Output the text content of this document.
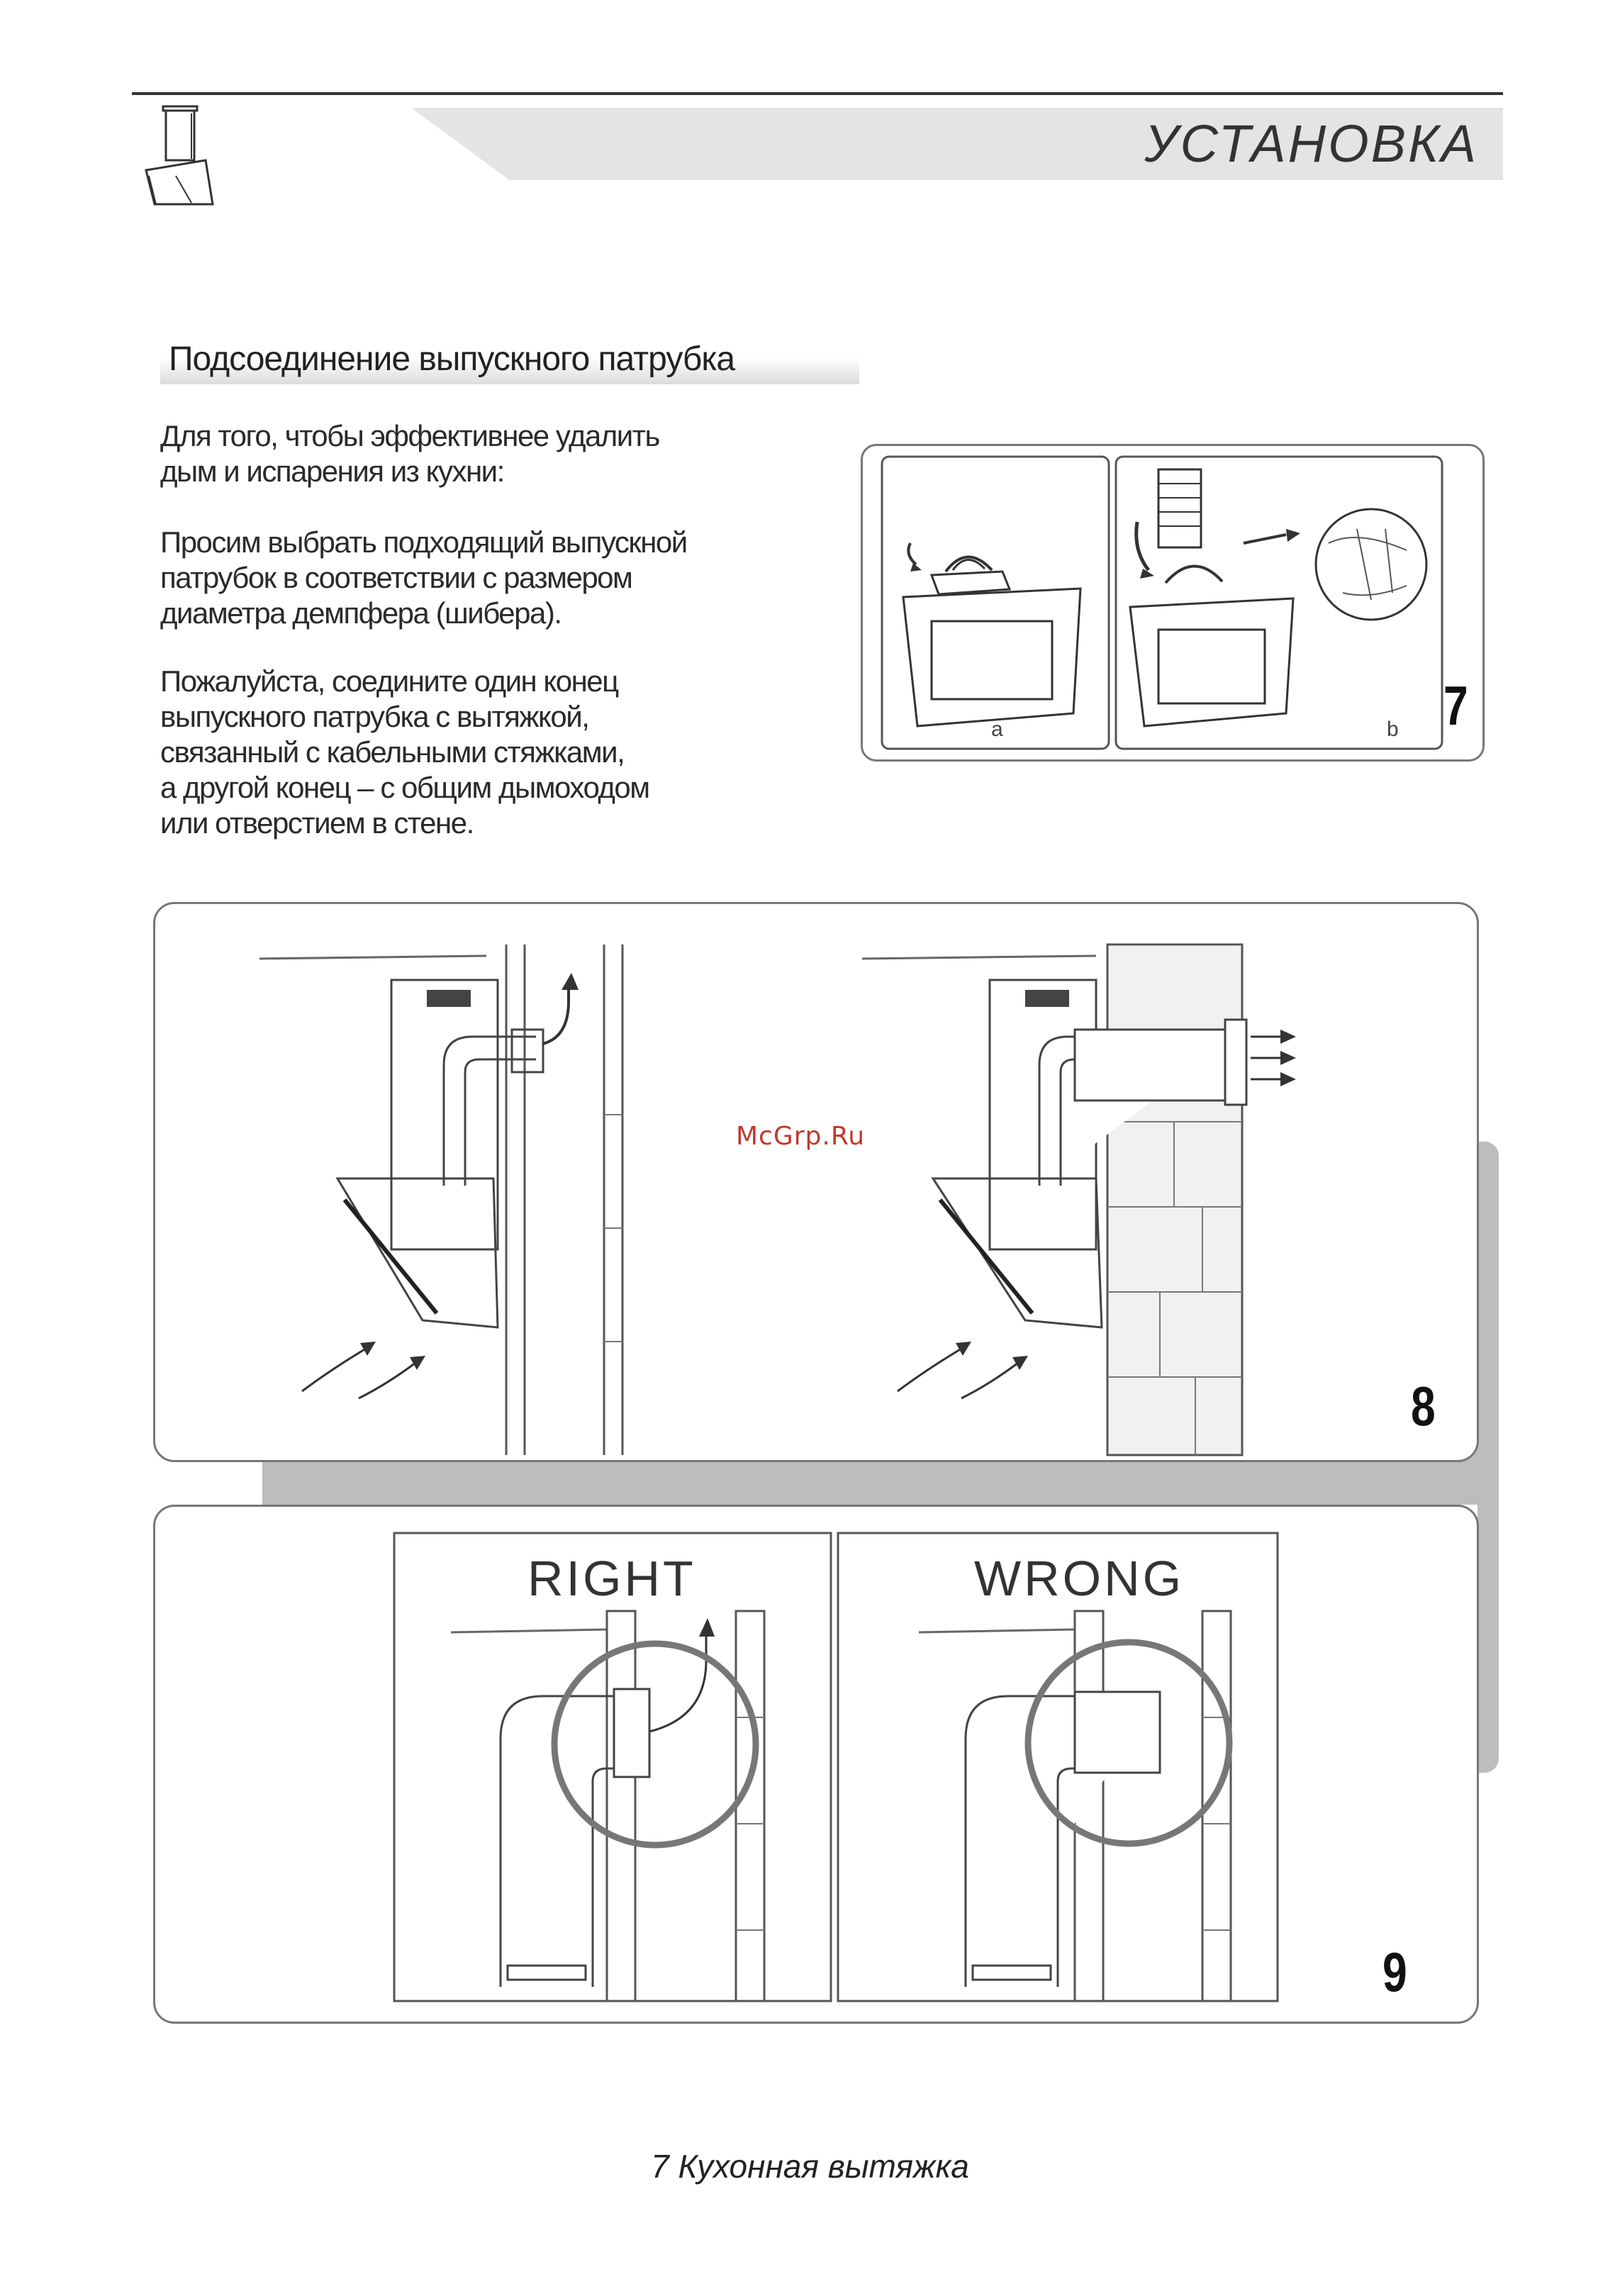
УСТАНОВКА
Подсоединение выпускного патрубка
Для того, чтобы эффективнее удалить
дым и испарения из кухни:
Просим выбрать подходящий выпускной
патрубок в соответствии с размером
диаметра демпфера (шибера).
Пожалуйста, соедините один конец
выпускного патрубка с вытяжкой,
связанный с кабельными стяжками,
а другой конец – с общим дымоходом
или отверстием в стене.
a	b 7
8
McGrp.Ru
RIGHT	WRONG
9
7 Кухонная вытяжка
